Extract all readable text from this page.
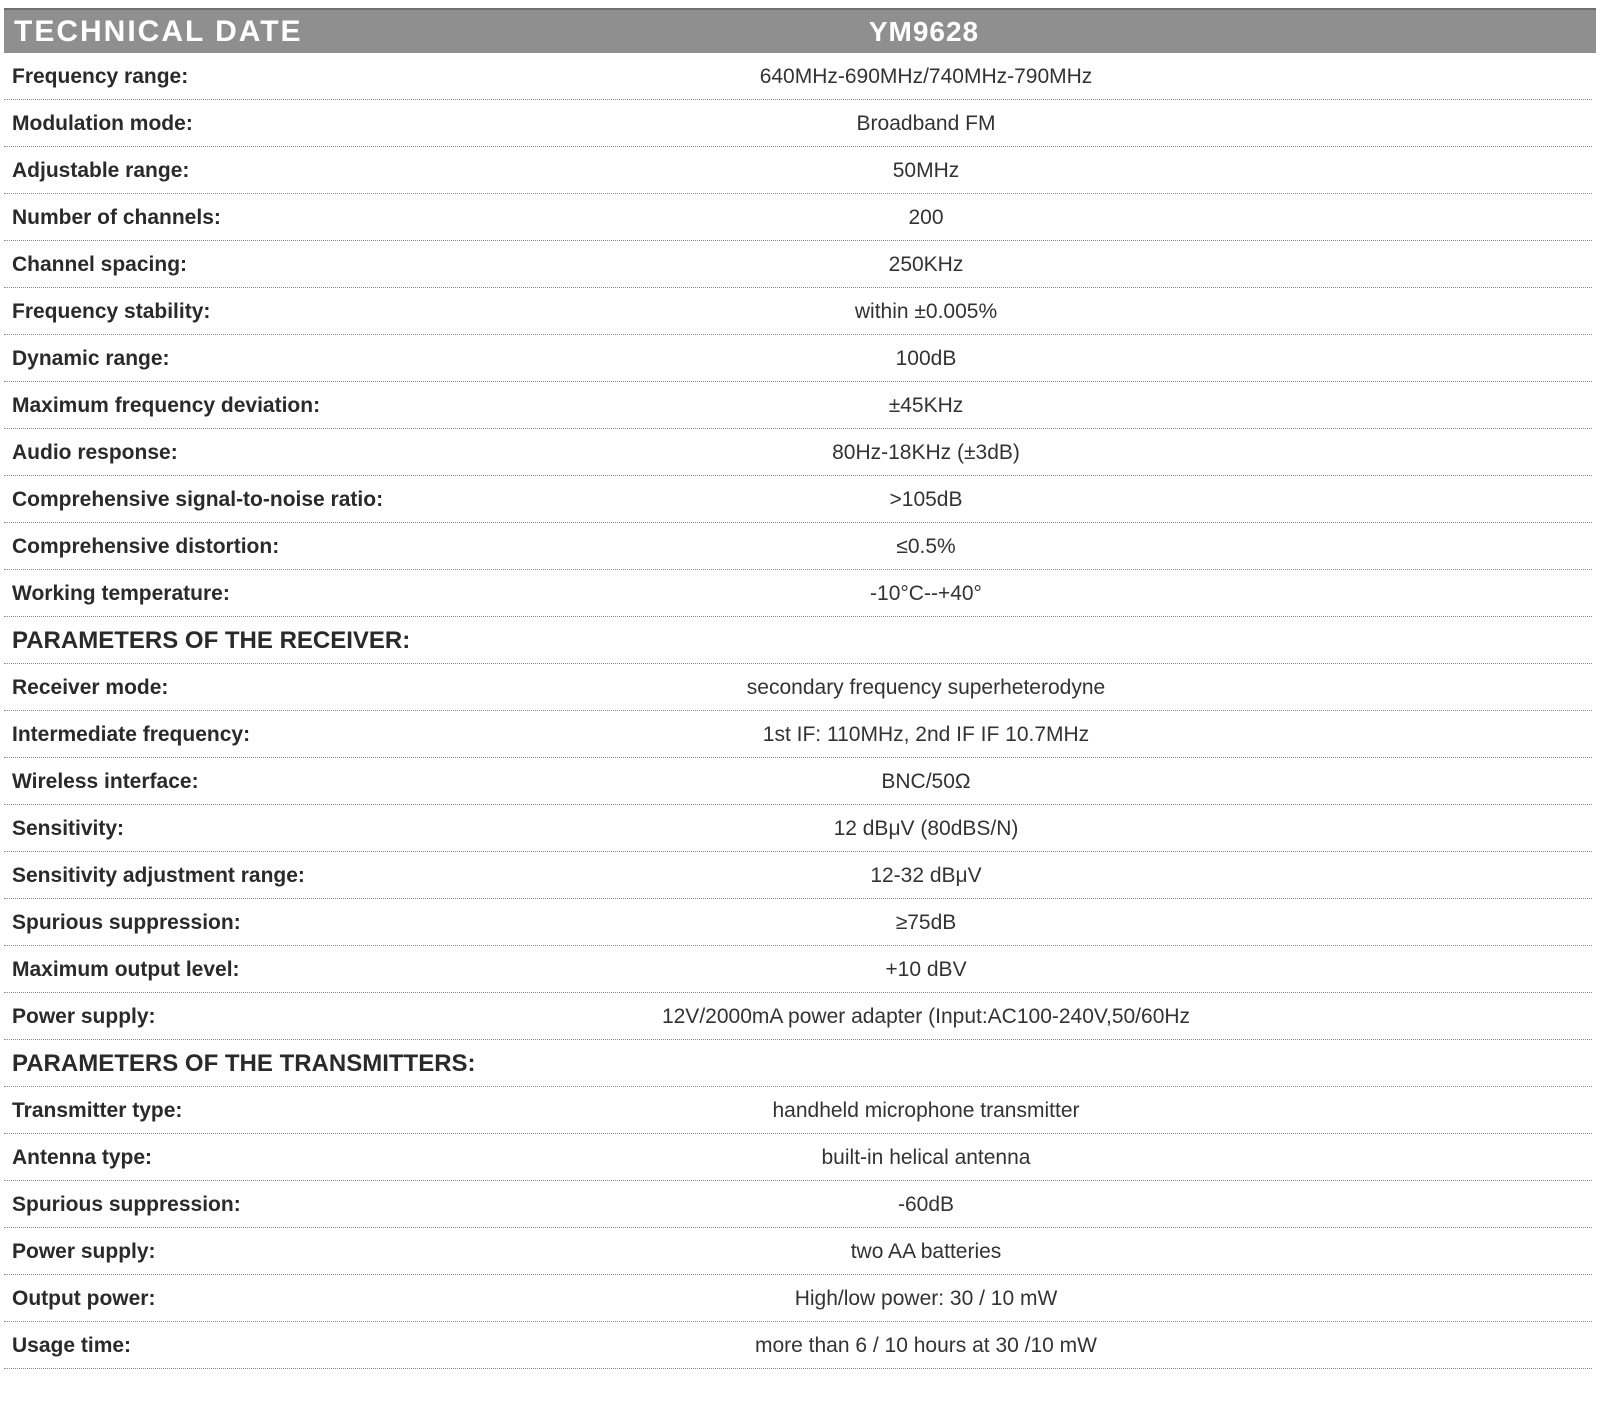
TECHNICAL DATE	YM9628
Frequency range:	640MHz-690MHz/740MHz-790MHz
Modulation mode:	Broadband FM
Adjustable range:	50MHz
Number of channels:	200
Channel spacing:	250KHz
Frequency stability:	within ±0.005%
Dynamic range:	100dB
Maximum frequency deviation:	±45KHz
Audio response:	80Hz-18KHz (±3dB)
Comprehensive signal-to-noise ratio:	>105dB
Comprehensive distortion:	≤0.5%
Working temperature:	-10°C--+40°
PARAMETERS OF THE RECEIVER:
Receiver mode:	secondary frequency superheterodyne
Intermediate frequency:	1st IF: 110MHz, 2nd IF IF 10.7MHz
Wireless interface:	BNC/50Ω
Sensitivity:	12 dBμV (80dBS/N)
Sensitivity adjustment range:	12-32 dBμV
Spurious suppression:	≥75dB
Maximum output level:	+10 dBV
Power supply:	12V/2000mA power adapter (Input:AC100-240V,50/60Hz
PARAMETERS OF THE TRANSMITTERS:
Transmitter type:	handheld microphone transmitter
Antenna type:	built-in helical antenna
Spurious suppression:	-60dB
Power supply:	two AA batteries
Output power:	High/low power: 30 / 10 mW
Usage time:	more than 6 / 10 hours at 30 /10 mW
